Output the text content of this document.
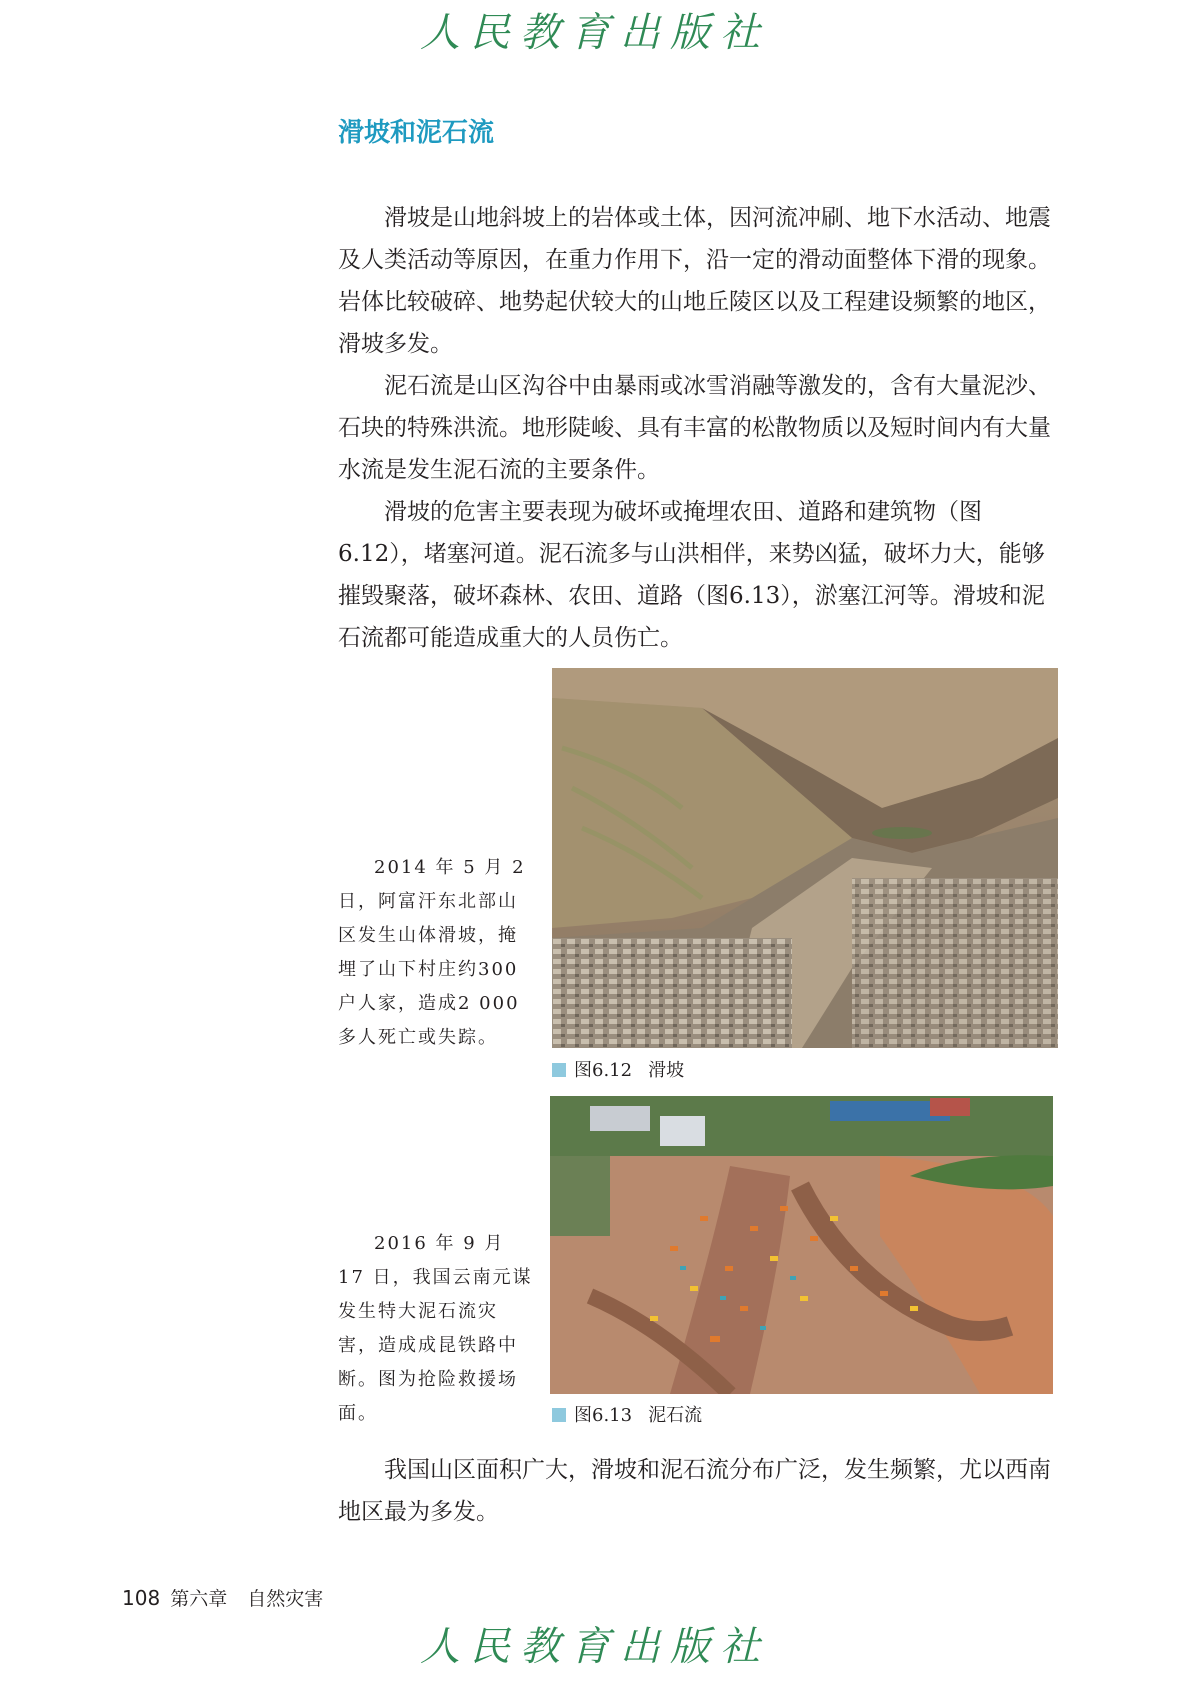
人民教育出版社
滑坡和泥石流

滑坡是山地斜坡上的岩体或土体，因河流冲刷、地下水活动、地震及人类活动等原因，在重力作用下，沿一定的滑动面整体下滑的现象。岩体比较破碎、地势起伏较大的山地丘陵区以及工程建设频繁的地区，滑坡多发。

泥石流是山区沟谷中由暴雨或冰雪消融等激发的，含有大量泥沙、石块的特殊洪流。地形陡峻、具有丰富的松散物质以及短时间内有大量水流是发生泥石流的主要条件。

滑坡的危害主要表现为破坏或掩埋农田、道路和建筑物（图6.12），堵塞河道。泥石流多与山洪相伴，来势凶猛，破坏力大，能够摧毁聚落，破坏森林、农田、道路（图6.13），淤塞江河等。滑坡和泥石流都可能造成重大的人员伤亡。

2014 年 5 月 2 日，阿富汗东北部山区发生山体滑坡，掩埋了山下村庄约300户人家，造成2 000 多人死亡或失踪。

图6.12 滑坡

2016 年 9 月 17 日，我国云南元谋发生特大泥石流灾害，造成成昆铁路中断。图为抢险救援场面。	图6.13 泥石流

我国山区面积广大，滑坡和泥石流分布广泛，发生频繁，尤以西南地区最为多发。

108 第六章 自然灾害
人民教育出版社
